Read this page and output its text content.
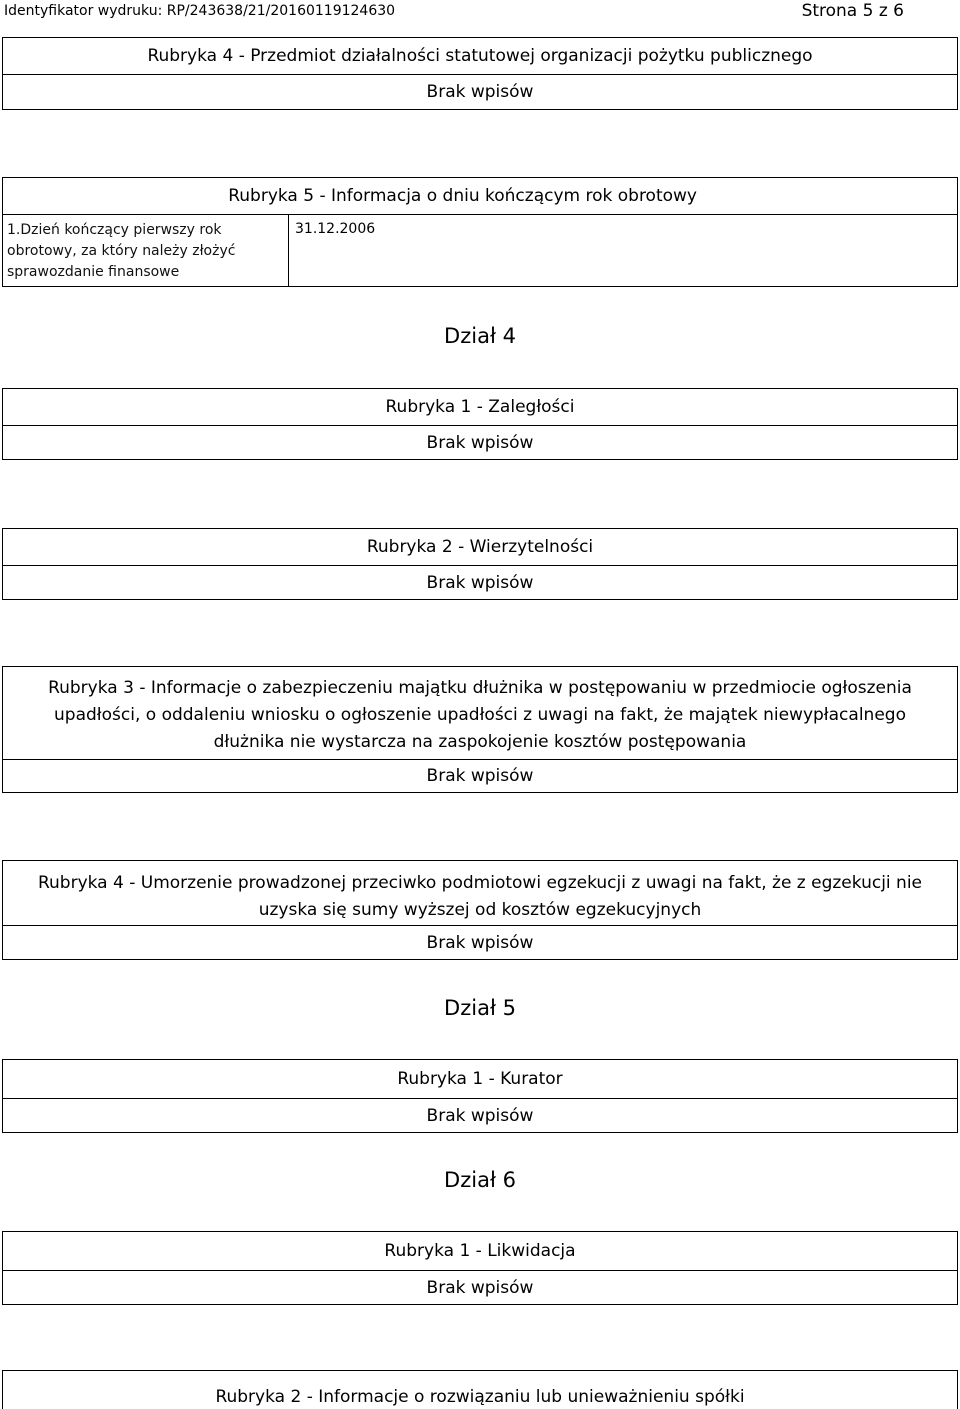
Identyfikator wydruku: RP/243638/21/20160119124630	Strona 5 z 6
Rubryka 4 - Przedmiot działalności statutowej organizacji pożytku publicznego
Brak wpisów
Rubryka 5 - Informacja o dniu kończącym rok obrotowy
1.Dzień kończący pierwszy rok obrotowy, za który należy złożyć sprawozdanie finansowe
31.12.2006
Dział 4
Rubryka 1 - Zaległości
Brak wpisów
Rubryka 2 - Wierzytelności
Brak wpisów
Rubryka 3 - Informacje o zabezpieczeniu majątku dłużnika w postępowaniu w przedmiocie ogłoszenia upadłości, o oddaleniu wniosku o ogłoszenie upadłości z uwagi na fakt, że majątek niewypłacalnego dłużnika nie wystarcza na zaspokojenie kosztów postępowania
Brak wpisów
Rubryka 4 - Umorzenie prowadzonej przeciwko podmiotowi egzekucji z uwagi na fakt, że z egzekucji nie uzyska się sumy wyższej od kosztów egzekucyjnych
Brak wpisów
Dział 5
Rubryka 1 - Kurator
Brak wpisów
Dział 6
Rubryka 1 - Likwidacja
Brak wpisów
Rubryka 2 - Informacje o rozwiązaniu lub unieważnieniu spółki
